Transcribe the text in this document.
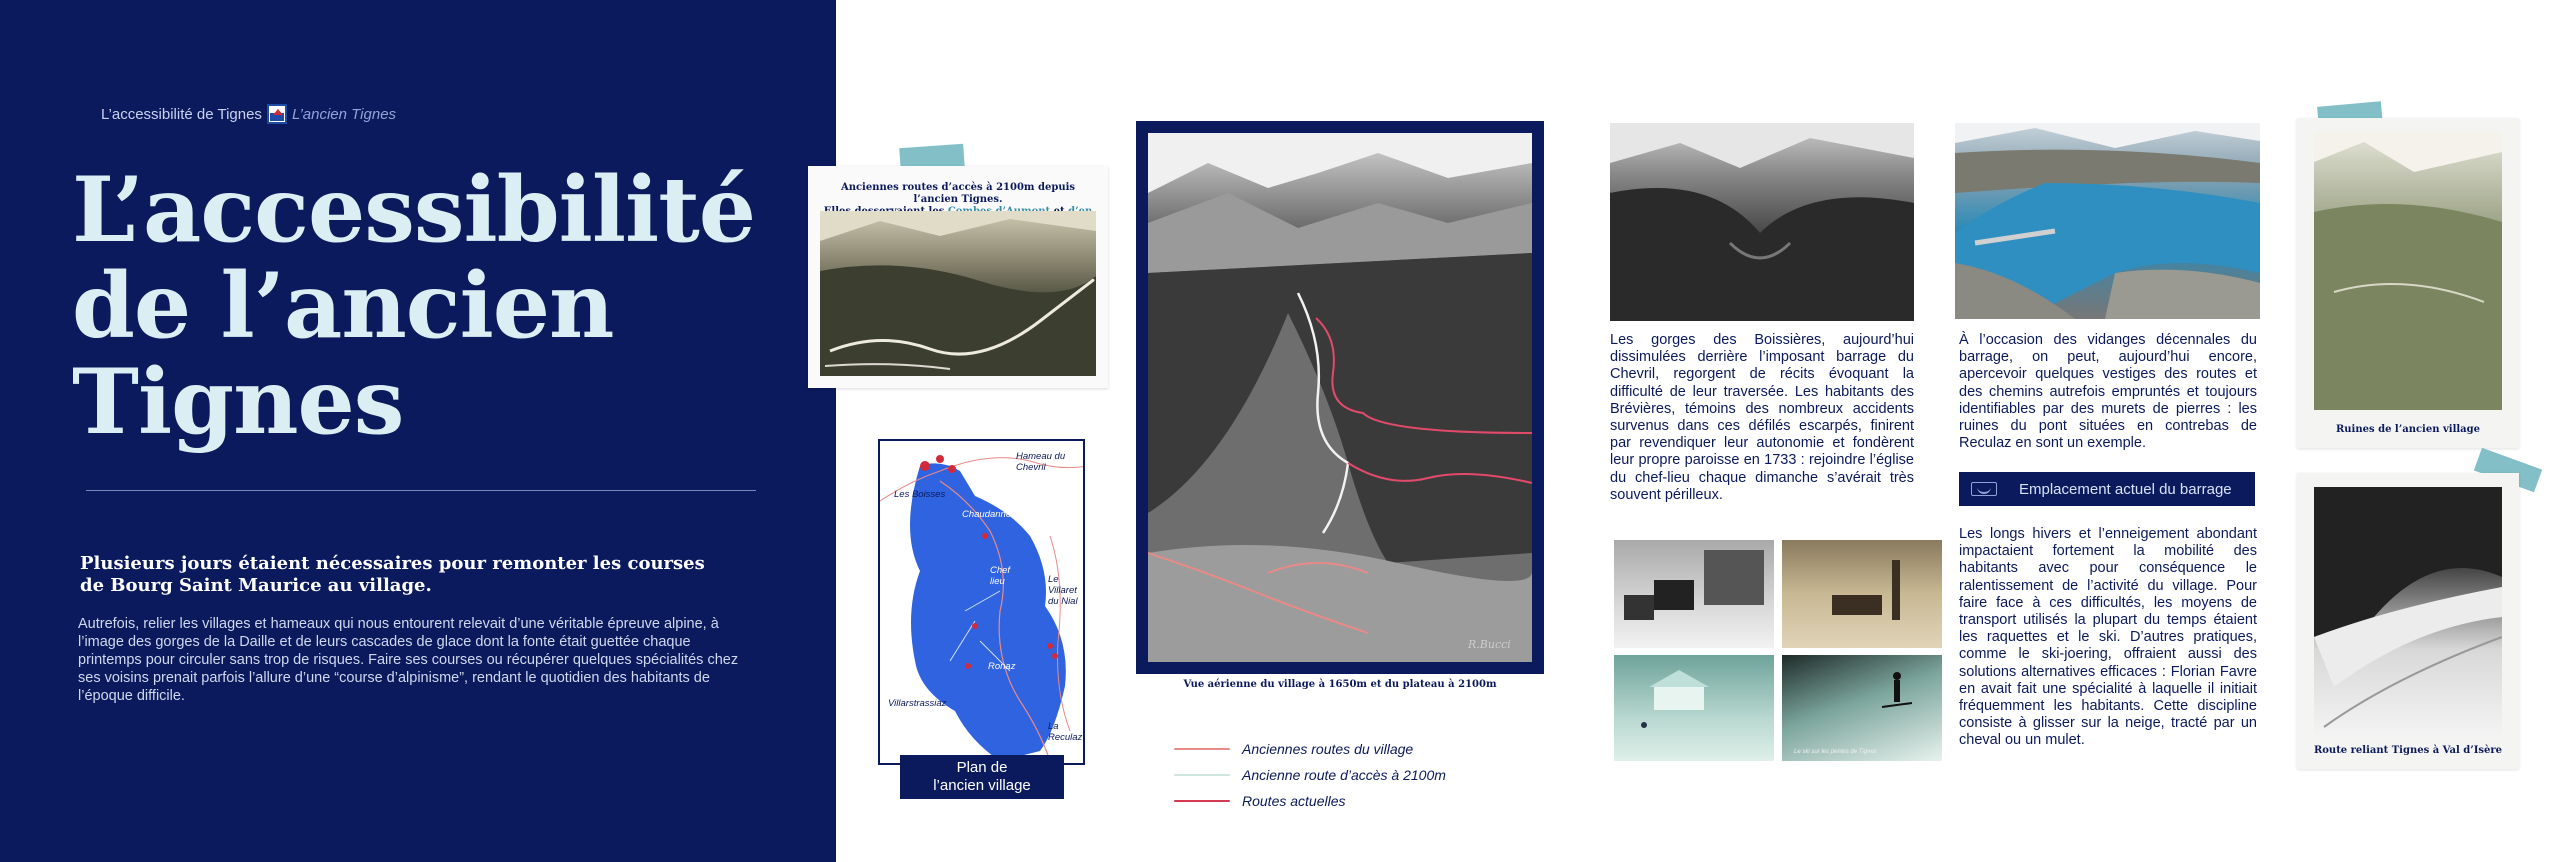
L’accessibilité de Tignes L’ancien Tignes
L’accessibilité
de l’ancien
Tignes
Plusieurs jours étaient nécessaires pour remonter les courses de Bourg Saint Maurice au village.
Autrefois, relier les villages et hameaux qui nous entourent relevait d’une véritable épreuve alpine, à l’image des gorges de la Daille et de leurs cascades de glace dont la fonte était guettée chaque printemps pour circuler sans trop de risques. Faire ses courses ou récupérer quelques spécialités chez ses voisins prenait parfois l’allure d’une “course d’alpinisme”, rendant le quotidien des habitants de l’époque difficile.
Anciennes routes d’accès à 2100m depuis l’ancien Tignes.

R.Bucci
Vue aérienne du village à 1650m et du plateau à 2100m
Anciennes routes du village
Ancienne route d’accès à 2100m
Routes actuelles
Les Boisses
Hameau du Chevril
Chaudanne
Chef lieu	Le Villaret du Nial
Ronaz
Villarstrassiaz
La Reculaz
Plan de
l’ancien village
Les gorges des Boissières, aujourd’hui dissimulées derrière l’imposant barrage du Chevril, regorgent de récits évoquant la difficulté de leur traversée. Les habitants des Brévières, témoins des nombreux accidents survenus dans ces défilés escarpés, finirent par revendiquer leur autonomie et fondèrent leur propre paroisse en 1733 : rejoindre l’église du chef-lieu chaque dimanche s’avérait très souvent périlleux.
Le ski sur les pentes de Tignes
À l’occasion des vidanges décennales du barrage, on peut, aujourd’hui encore, apercevoir quelques vestiges des routes et des chemins autrefois empruntés et toujours identifiables par des murets de pierres : les ruines du pont situées en contrebas de Reculaz en sont un exemple.
Emplacement actuel du barrage
Les longs hivers et l’enneigement abondant impactaient fortement la mobilité des habitants avec pour conséquence le ralentissement de l’activité du village. Pour faire face à ces difficultés, les moyens de transport utilisés la plupart du temps étaient les raquettes et le ski. D’autres pratiques, comme le ski-joering, offraient aussi des solutions alternatives efficaces : Florian Favre en avait fait une spécialité à laquelle il initiait fréquemment les habitants. Cette discipline consiste à glisser sur la neige, tracté par un cheval ou un mulet.
Ruines de l’ancien village
Route reliant Tignes à Val d’Isère
